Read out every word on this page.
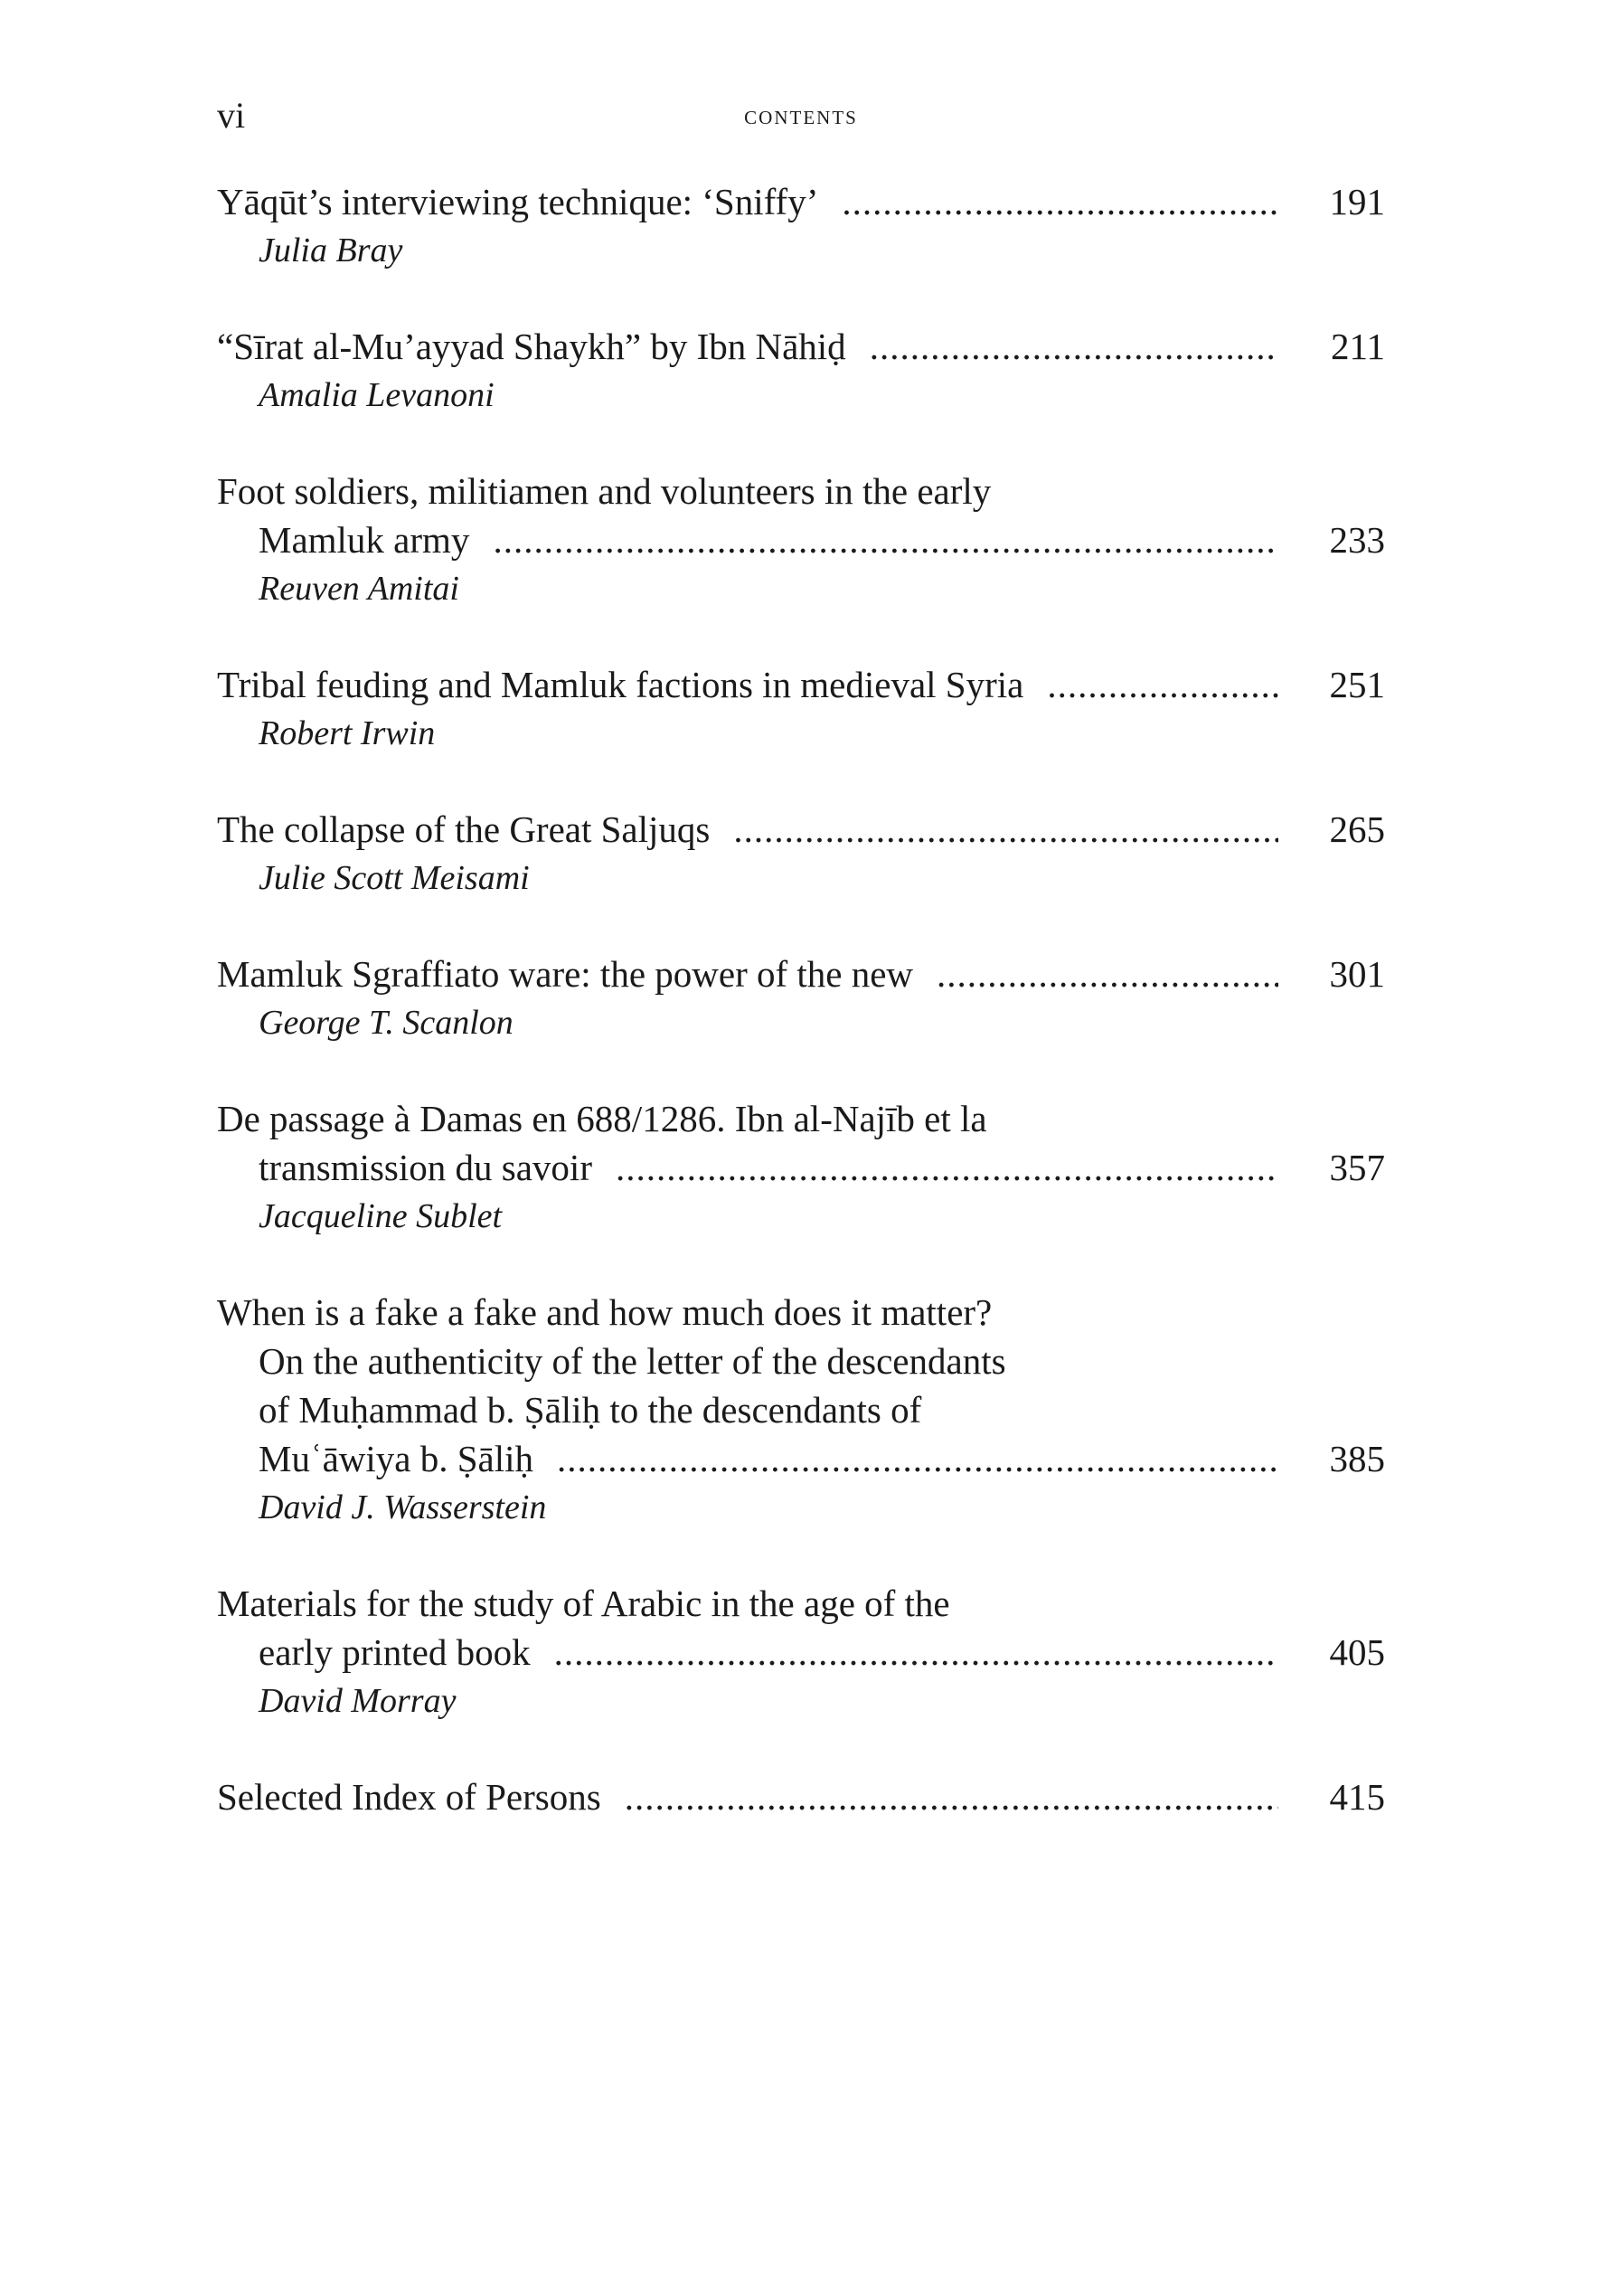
vi	contents
Yāqūt’s interviewing technique: ‘Sniffy’ .....	191
Julia Bray
“Sīrat al-Mu’ayyad Shaykh” by Ibn Nāhiḍ .....	211
Amalia Levanoni
Foot soldiers, militiamen and volunteers in the early
Mamluk army .....	233
Reuven Amitai
Tribal feuding and Mamluk factions in medieval Syria .....	251
Robert Irwin
The collapse of the Great Saljuqs .....	265
Julie Scott Meisami
Mamluk Sgraffiato ware: the power of the new .....	301
George T. Scanlon
De passage à Damas en 688/1286. Ibn al-Najīb et la
transmission du savoir .....	357
Jacqueline Sublet
When is a fake a fake and how much does it matter?
On the authenticity of the letter of the descendants
of Muḥammad b. Ṣāliḥ to the descendants of
Muʿāwiya b. Ṣāliḥ .....	385
David J. Wasserstein
Materials for the study of Arabic in the age of the
early printed book .....	405
David Morray
Selected Index of Persons .....	415
